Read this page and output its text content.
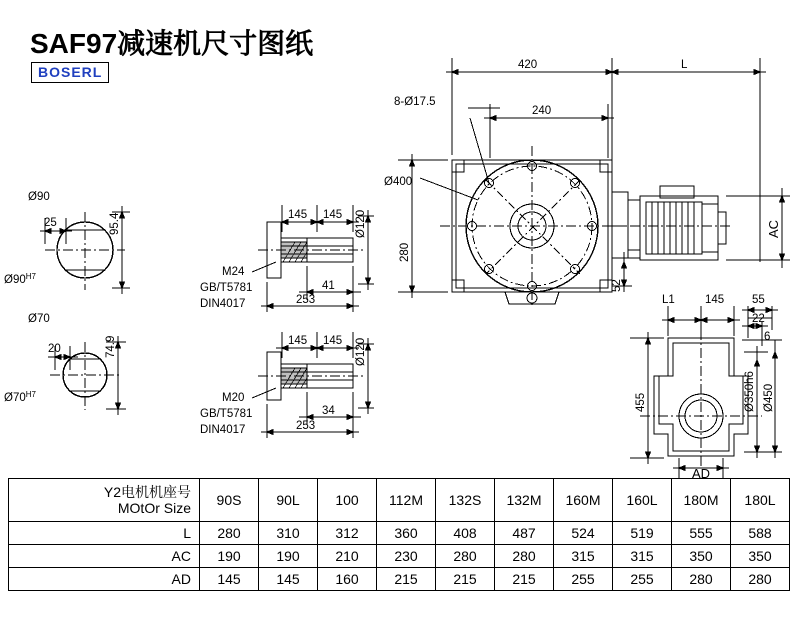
SAF97减速机尺寸图纸
BOSERL
Ø90
$Ø90^{H7}$
25	95.4
Ø70
$Ø70^{H7}$
20	74.9
M24
GB/T5781
DIN4017
145 145 Ø120
41
253
M20
GB/T5781
DIN4017
145 145 Ø120
34
253
420	L
8-Ø17.5
240
Ø400
280
52
AC
L1	145 55
22
6
455	Ø350h6 Ø450
AD
Y2电机机座号
MOtOr Size	90S	90L	100	112M	132S	132M	160M	160L	180M	180L
L	280	310	312	360	408	487	524	519	555	588
AC	190	190	210	230	280	280	315	315	350	350
AD	145	145	160	215	215	215	255	255	280	280
